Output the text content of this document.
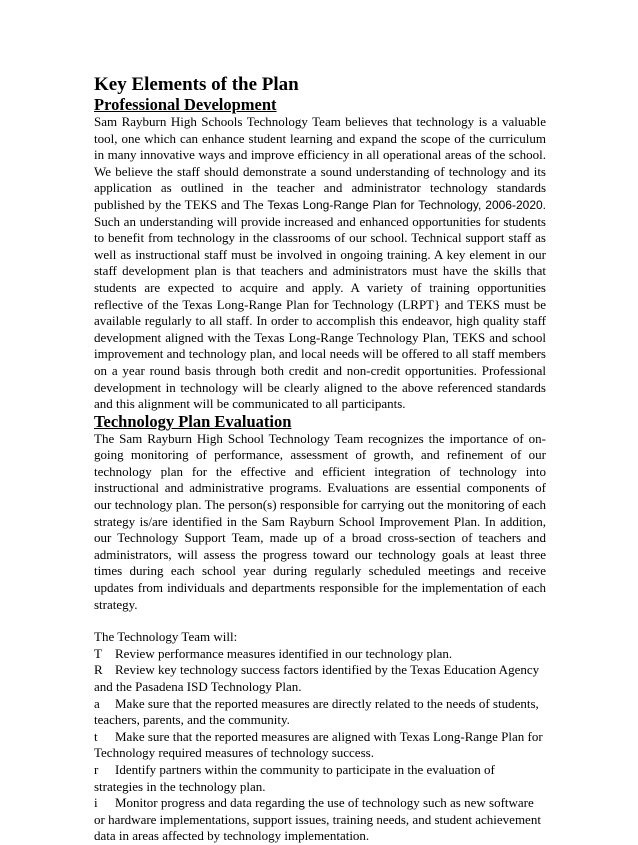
Key Elements of the Plan
Professional Development

Sam Rayburn High Schools Technology Team believes that technology is a valuable tool, one which can enhance student learning and expand the scope of the curriculum in many innovative ways and improve efficiency in all operational areas of the school. We believe the staff should demonstrate a sound understanding of technology and its application as outlined in the teacher and administrator technology standards published by the TEKS and The Texas Long-Range Plan for Technology, 2006-2020. Such an understanding will provide increased and enhanced opportunities for students to benefit from technology in the classrooms of our school. Technical support staff as well as instructional staff must be involved in ongoing training. A key element in our staff development plan is that teachers and administrators must have the skills that students are expected to acquire and apply. A variety of training opportunities reflective of the Texas Long-Range Plan for Technology (LRPT} and TEKS must be available regularly to all staff. In order to accomplish this endeavor, high quality staff development aligned with the Texas Long-Range Technology Plan, TEKS and school improvement and technology plan, and local needs will be offered to all staff members on a year round basis through both credit and non-credit opportunities. Professional development in technology will be clearly aligned to the above referenced standards and this alignment will be communicated to all participants.

Technology Plan Evaluation

The Sam Rayburn High School Technology Team recognizes the importance of on-going monitoring of performance, assessment of growth, and refinement of our technology plan for the effective and efficient integration of technology into instructional and administrative programs. Evaluations are essential components of our technology plan. The person(s) responsible for carrying out the monitoring of each strategy is/are identified in the Sam Rayburn School Improvement Plan. In addition, our Technology Support Team, made up of a broad cross-section of teachers and administrators, will assess the progress toward our technology goals at least three times during each school year during regularly scheduled meetings and receive updates from individuals and departments responsible for the implementation of each strategy.

The Technology Team will:

T Review performance measures identified in our technology plan.

R Review key technology success factors identified by the Texas Education Agency and the Pasadena ISD Technology Plan.

a Make sure that the reported measures are directly related to the needs of students, teachers, parents, and the community.

t Make sure that the reported measures are aligned with Texas Long-Range Plan for Technology required measures of technology success.

r Identify partners within the community to participate in the evaluation of strategies in the technology plan.

i Monitor progress and data regarding the use of technology such as new software or hardware implementations, support issues, training needs, and student achievement data in areas affected by technology implementation.
